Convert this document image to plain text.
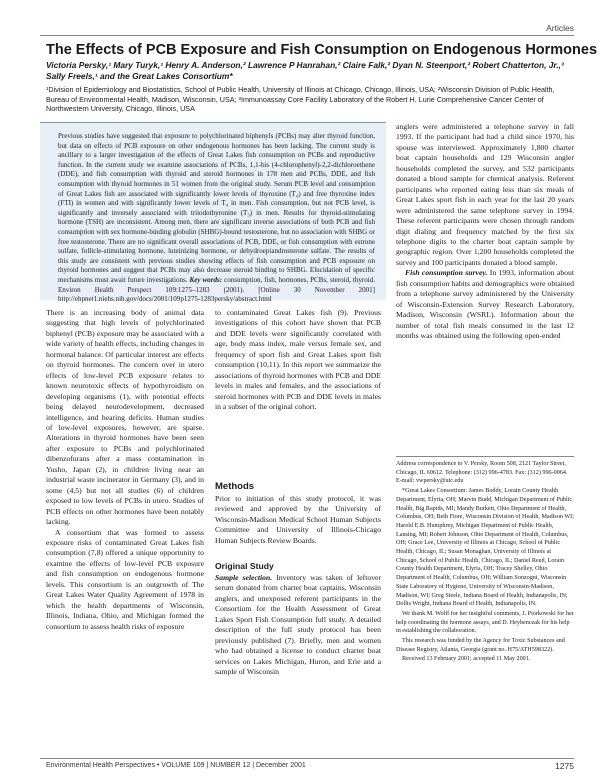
Articles
The Effects of PCB Exposure and Fish Consumption on Endogenous Hormones
Victoria Persky,¹ Mary Turyk,¹ Henry A. Anderson,² Lawrence P Hanrahan,² Claire Falk,² Dyan N. Steenport,² Robert Chatterton, Jr.,³ Sally Freels,¹ and the Great Lakes Consortium*
¹Division of Epidemiology and Biostatistics, School of Public Health, University of Illinois at Chicago, Chicago, Illinois, USA; ²Wisconsin Division of Public Health, Bureau of Environmental Health, Madison, Wisconsin, USA; ³Immunoassay Core Facility Laboratory of the Robert H. Lurie Comprehensive Cancer Center of Northwestern University, Chicago, Illinois, USA
Previous studies have suggested that exposure to polychlorinated biphenyls (PCBs) may alter thyroid function, but data on effects of PCB exposure on other endogenous hormones has been lacking. The current study is ancillary to a larger investigation of the effects of Great Lakes fish consumption on PCBs and reproductive function. In the current study we examine associations of PCBs, 1,1-bis (4-chlorophenyl)-2,2-dichloroethene (DDE), and fish consumption with thyroid and steroid hormones in 178 men and PCBs, DDE, and fish consumption with thyroid hormones in 51 women from the original study. Serum PCB level and consumption of Great Lakes fish are associated with significantly lower levels of thyroxine (T₄) and free thyroxine index (FTI) in women and with significantly lower levels of T₄ in men. Fish consumption, but not PCB level, is significantly and inversely associated with triiodothyronine (T₃) in men. Results for thyroid-stimulating hormone (TSH) are inconsistent. Among men, there are significant inverse associations of both PCB and fish consumption with sex hormone-binding globulin (SHBG)-bound testosterone, but no association with SHBG or free testosterone. There are no significant overall associations of PCB, DDE, or fish consumption with estrone sulfate, follicle-stimulating hormone, luteinizing hormone, or dehydroepiandrosterone sulfate. The results of this study are consistent with previous studies showing effects of fish consumption and PCB exposure on thyroid hormones and suggest that PCBs may also decrease steroid binding to SHBG. Elucidation of specific mechanisms must await future investigations. Key words: consumption, fish, hormones, PCBs, steroid, thyroid. Environ Health Perspect 109:1275–1283 (2001). [Online 30 November 2001] http://ehpnet1.niehs.nih.gov/docs/2001/109p1275-1283persky/abstract.html

anglers were administered a telephone survey in fall 1993. If the participant had had a child since 1970, his spouse was interviewed. Approximately 1,800 charter boat captain households and 129 Wisconsin angler households completed the survey, and 532 participants donated a blood sample for chemical analysis. Referent participants who reported eating less than six meals of Great Lakes sport fish in each year for the last 20 years were administered the same telephone survey in 1994. These referent participants were chosen through random digit dialing and frequency matched by the first six telephone digits to the charter boat captain sample by geographic region. Over 1,200 households completed the survey and 100 participants donated a blood sample.

Fish consumption survey. In 1993, information about fish consumption habits and demographics were obtained from a telephone survey administered by the University of Wisconsin-Extension Survey Research Laboratory, Madison, Wisconsin (WSRL). Information about the number of total fish meals consumed in the last 12 months was obtained using the following open-ended

Address correspondence to V. Persky, Room 508, 2121 Taylor Street, Chicago, IL 60612. Telephone: (312) 996-4783. Fax: (312) 996-0064. E-mail: vwpersky@uic.edu

*Great Lakes Consortium: James Boddy, Lorain County Health Department, Elyria, OH; Marvin Budd, Michigan Department of Public Health, Big Rapids, MI; Mandy Burkett, Ohio Department of Health, Columbus, OH; Beth Fiore, Wisconsin Division of Health, Madison WI; Harold E.B. Humphrey, Michigan Department of Public Health, Lansing, MI; Robert Johnson, Ohio Department of Health, Columbus, OH; Grace Lee, University of Illinois at Chicago, School of Public Health, Chicago, IL; Susan Monaghan, University of Illinois at Chicago, School of Public Health, Chicago, IL; Daniel Reed, Lorain County Health Department, Elyria, OH; Tracey Shelley, Ohio Department of Health, Columbus, OH; William Sonzogni, Wisconsin State Laboratory of Hygiene, University of Wisconsin-Madison, Madison, WI; Greg Steele, Indiana Board of Health, Indianapolis, IN; Dollis Wright, Indiana Board of Health, Indianapolis, IN.

We thank M. Wolff for her insightful comments, J. Piorkowski for her help coordinating the hormone assays, and D. Heybenczak for his help in establishing the collaboration.

This research was funded by the Agency for Toxic Substances and Disease Registry, Atlanta, Georgia (grant no. H75/ATH598322).

Received 13 February 2001; accepted 11 May 2001.

There is an increasing body of animal data suggesting that high levels of polychlorinated biphenyl (PCB) exposure may be associated with a wide variety of health effects, including changes in hormonal balance. Of particular interest are effects on thyroid hormones. The concern over in utero effects of low-level PCB exposure relates to known neurotoxic effects of hypothyroidism on developing organisms (1), with potential effects being delayed neurodevelopment, decreased intelligence, and hearing deficits. Human studies of low-level exposures, however, are sparse. Alterations in thyroid hormones have been seen after exposure to PCBs and polychlorinated dibenzofurans after a mass contamination in Yusho, Japan (2), in children living near an industrial waste incinerator in Germany (3), and in some (4,5) but not all studies (6) of children exposed to low levels of PCBs in utero. Studies of PCB effects on other hormones have been notably lacking.

A consortium that was formed to assess exposure risks of contaminated Great Lakes fish consumption (7,8) offered a unique opportunity to examine the effects of low-level PCB exposure and fish consumption on endogenous hormone levels. This consortium is an outgrowth of The Great Lakes Water Quality Agreement of 1978 in which the health departments of Wisconsin, Illinois, Indiana, Ohio, and Michigan formed the consortium to assess health risks of exposure

to contaminated Great Lakes fish (9). Previous investigations of this cohort have shown that PCB and DDE levels were significantly correlated with age, body mass index, male versus female sex, and frequency of sport fish and Great Lakes sport fish consumption (10,11). In this report we summarize the associations of thyroid hormones with PCB and DDE levels in males and females, and the associations of steroid hormones with PCB and DDE levels in males in a subset of the original cohort.

Methods

Prior to initiation of this study protocol, it was reviewed and approved by the University of Wisconsin-Madison Medical School Human Subjects Committee and University of Illinois-Chicago Human Subjects Review Boards.

Original Study

Sample selection. Inventory was taken of leftover serum donated from charter boat captains, Wisconsin anglers, and unexposed referent participants in the Consortium for the Health Assessment of Great Lakes Sport Fish Consumption full study. A detailed description of the full study protocol has been previously published (7). Briefly, men and women who had obtained a license to conduct charter boat services on Lakes Michigan, Huron, and Erie and a sample of Wisconsin

Environmental Health Perspectives • VOLUME 109 | NUMBER 12 | December 2001	1275
